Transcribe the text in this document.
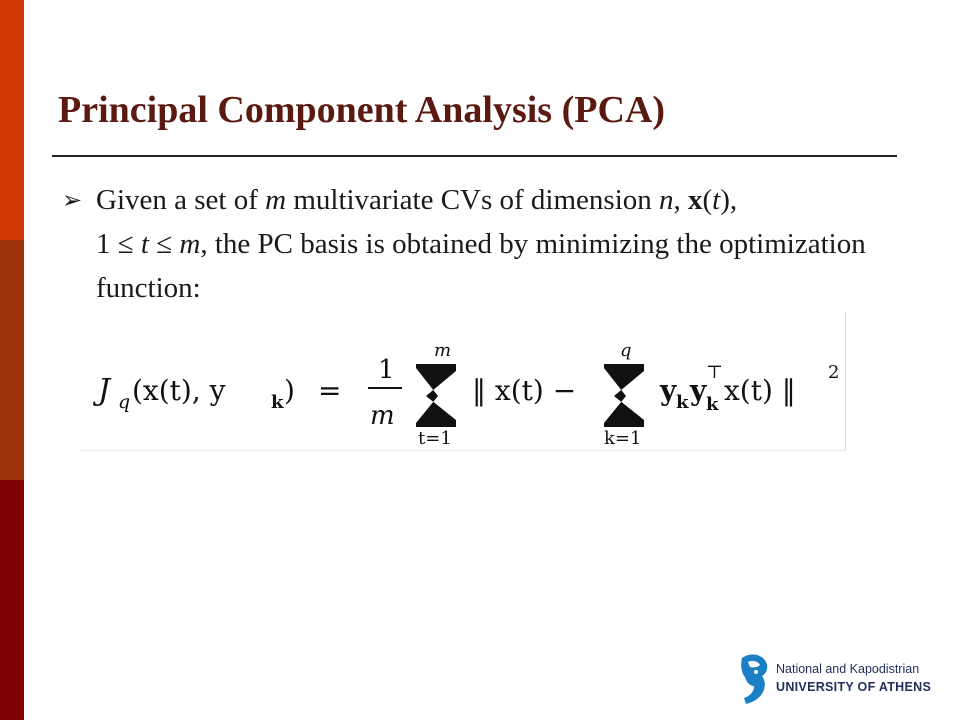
Principal Component Analysis (PCA)
➢ Given a set of m multivariate CVs of dimension n, x(t),
1 ≤ t ≤ m, the PC basis is obtained by minimizing the optimization function:
J q (x(t), y	k ) =
1
m
m
t=1
‖ x(t) −
q
k=1
y k y
⊤
k x(t) ‖
2
National and Kapodistrian
UNIVERSITY OF ATHENS
